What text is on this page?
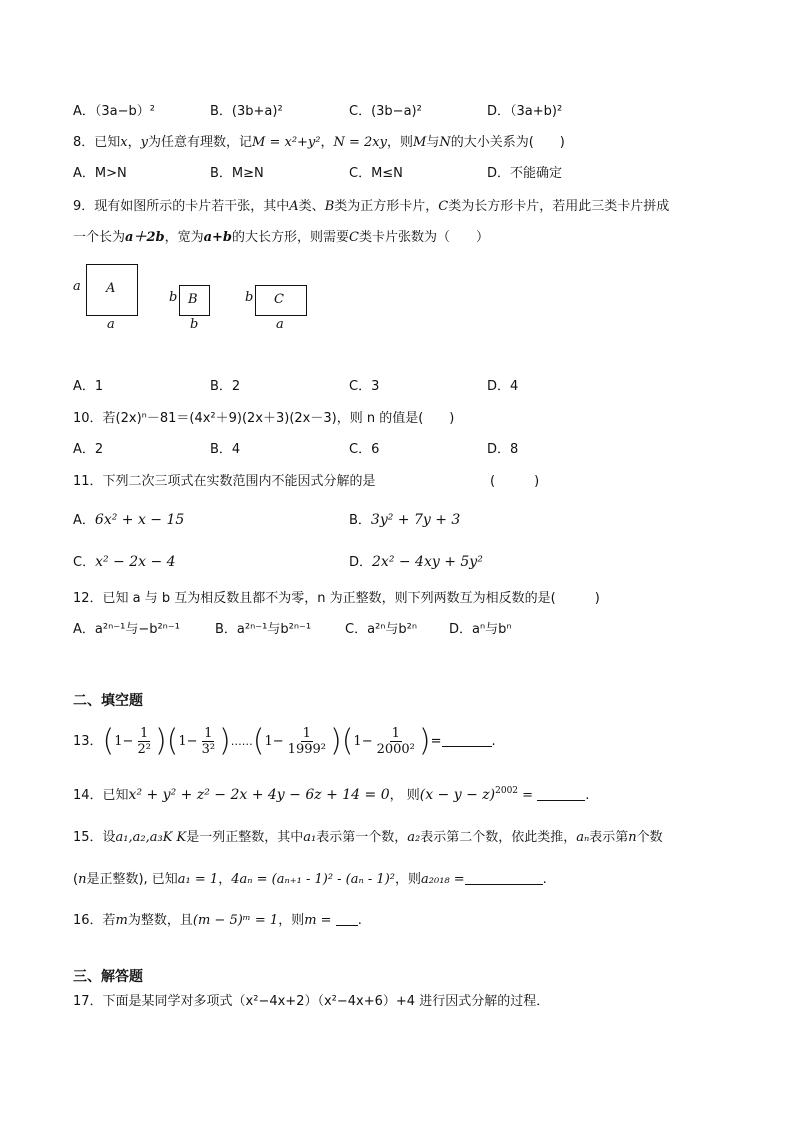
A．（3a−b）²	B．(3b+a)²	C．(3b−a)²	D．（3a+b)²
8．已知x，y为任意有理数，记M = x²+y²，N = 2xy，则M与N的大小关系为(　　)
A．M>N	B．M≥N	C．M≤N	D．不能确定
9．现有如图所示的卡片若干张，其中A类、B类为正方形卡片，C类为长方形卡片，若用此三类卡片拼成
一个长为a＋2b，宽为a+b的大长方形，则需要C类卡片张数为（　　）
A
a
a
B
b
b
C
b
a
A．1	B．2	C．3	D．4
10．若(2x)ⁿ－81＝(4x²＋9)(2x＋3)(2x－3)，则 n 的值是(　　)
A．2	B．4	C．6	D．8
11．下列二次三项式在实数范围内不能因式分解的是	(　　　)
A．6x² + x − 15	B．3y² + 7y + 3
C．x² − 2x − 4	D．2x² − 4xy + 5y²
12．已知 a 与 b 互为相反数且都不为零，n 为正整数，则下列两数互为相反数的是(　　　)
A．a²ⁿ⁻¹与−b²ⁿ⁻¹	B．a²ⁿ⁻¹与b²ⁿ⁻¹	C．a²ⁿ与b²ⁿ D．aⁿ与bⁿ
二、填空题
13．$(1- \frac{1}{\text{2²}} )(1- \frac{1}{\text{3²}}$ )……(1− $\frac{1}{\text{1999²}} )(1- \frac{1}{\text{2000²}}$ )=	.
14．已知x² + y² + z² − 2x + 4y − 6z + 14 = 0， 则$(x - y - z)^{2002}$ =	.
15．设a₁,a₂,a₃K K是一列正整数，其中a₁表示第一个数，a₂表示第二个数，依此类推，aₙ表示第n个数
(n是正整数), 已知a₁ = 1，4aₙ = (aₙ₊₁ - 1)² - (aₙ - 1)²，则a₂₀₁₈ =	.
16．若m为整数，且(m − 5)ᵐ = 1，则m = .
三、解答题
17．下面是某同学对多项式（x²−4x+2）（x²−4x+6）+4 进行因式分解的过程．
